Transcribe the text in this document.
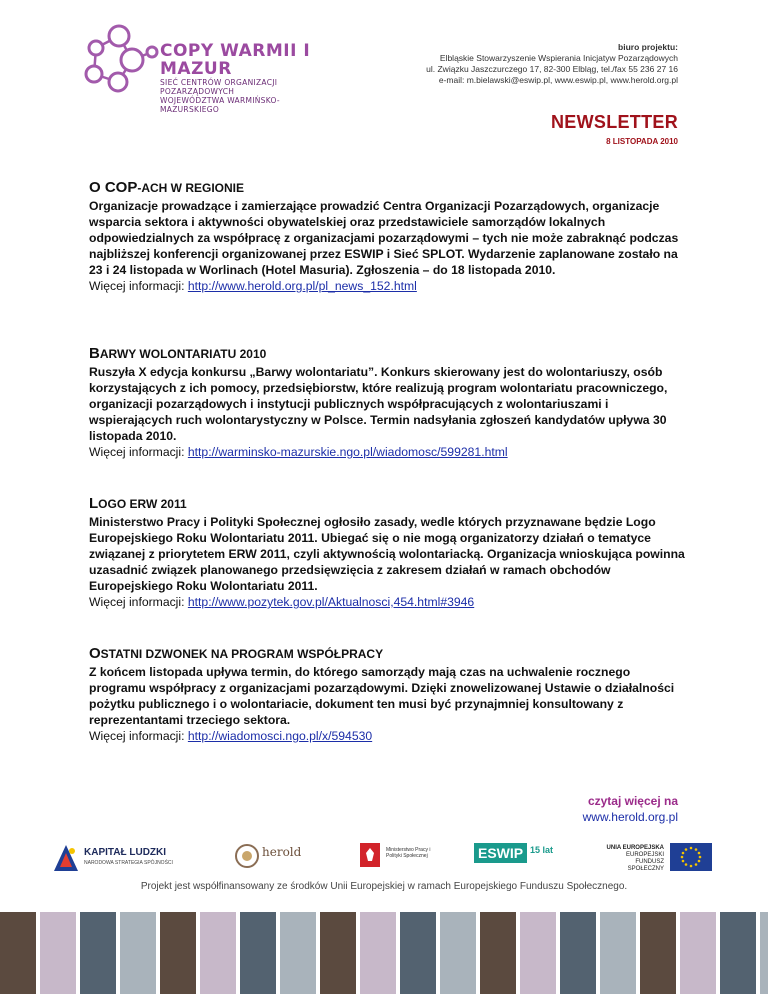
COPY WARMII I MAZUR
SIEĆ CENTRÓW ORGANIZACJI POZARZĄDOWYCH
WOJEWÓDZTWA WARMIŃSKO-MAZURSKIEGO
biuro projektu:
Elbląskie Stowarzyszenie Wspierania Inicjatyw Pozarządowych
ul. Związku Jaszczurczego 17, 82-300 Elbląg, tel./fax 55 236 27 16
e-mail: m.bielawski@eswip.pl, www.eswip.pl, www.herold.org.pl
NEWSLETTER
8 LISTOPADA 2010
O COP-ACH W REGIONIE
Organizacje prowadzące i zamierzające prowadzić Centra Organizacji Pozarządowych, organizacje wsparcia sektora i aktywności obywatelskiej oraz przedstawiciele samorządów lokalnych odpowiedzialnych za współpracę z organizacjami pozarządowymi – tych nie może zabraknąć podczas najbliższej konferencji organizowanej przez ESWIP i Sieć SPLOT. Wydarzenie zaplanowane zostało na 23 i 24 listopada w Worlinach (Hotel Masuria). Zgłoszenia – do 18 listopada 2010.
Więcej informacji: http://www.herold.org.pl/pl_news_152.html
BARWY WOLONTARIATU 2010
Ruszyła X edycja konkursu „Barwy wolontariatu”. Konkurs skierowany jest do wolontariuszy, osób korzystających z ich pomocy, przedsiębiorstw, które realizują program wolontariatu pracowniczego, organizacji pozarządowych i instytucji publicznych współpracujących z wolontariuszami i wspierających ruch wolontarystyczny w Polsce. Termin nadsyłania zgłoszeń kandydatów upływa 30 listopada 2010.
Więcej informacji: http://warminsko-mazurskie.ngo.pl/wiadomosc/599281.html
LOGO ERW 2011
Ministerstwo Pracy i Polityki Społecznej ogłosiło zasady, wedle których przyznawane będzie Logo Europejskiego Roku Wolontariatu 2011. Ubiegać się o nie mogą organizatorzy działań o tematyce związanej z priorytetem ERW 2011, czyli aktywnością wolontariacką. Organizacja wnioskująca powinna uzasadnić związek planowanego przedsięwzięcia z zakresem działań w ramach obchodów Europejskiego Roku Wolontariatu 2011.
Więcej informacji: http://www.pozytek.gov.pl/Aktualnosci,454.html#3946
OSTATNI DZWONEK NA PROGRAM WSPÓŁPRACY
Z końcem listopada upływa termin, do którego samorządy mają czas na uchwalenie rocznego programu współpracy z organizacjami pozarządowymi. Dzięki znowelizowanej Ustawie o działalności pożytku publicznego i o wolontariacie, dokument ten musi być przynajmniej konsultowany z reprezentantami trzeciego sektora.
Więcej informacji: http://wiadomosci.ngo.pl/x/594530
czytaj więcej na
www.herold.org.pl
KAPITAŁ LUDZKI
NARODOWA STRATEGIA SPÓJNOŚCI
herold	Ministerstwo Pracy i Polityki Społecznej	ESWIP 15 lat	UNIA EUROPEJSKA
EUROPEJSKI
FUNDUSZ SPOŁECZNY
Projekt jest współfinansowany ze środków Unii Europejskiej w ramach Europejskiego Funduszu Społecznego.
